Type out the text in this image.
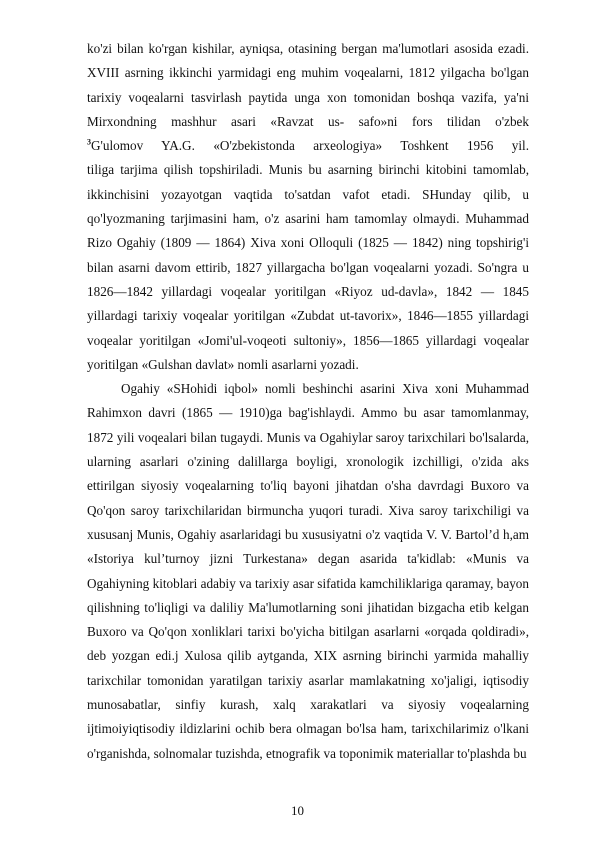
ko'zi bilan ko'rgan kishilar, ayniqsa, otasining bergan ma'lumotlari asosida ezadi. XVIII asrning ikkinchi yarmidagi eng muhim voqealarni, 1812 yilgacha bo'lgan tarixiy voqealarni tasvirlash paytida unga xon tomonidan boshqa vazifa, ya'ni Mirxondning mashhur asari «Ravzat us- safo»ni fors tilidan o'zbek
$^3$G'ulomov YA.G. «O'zbekistonda arxeologiya» Toshkent 1956 yil.

tiliga tarjima qilish topshiriladi. Munis bu asarning birinchi kitobini tamomlab, ikkinchisini yozayotgan vaqtida to'satdan vafot etadi. SHunday qilib, u qo'lyozmaning tarjimasini ham, o'z asarini ham tamomlay olmaydi. Muhammad Rizo Ogahiy (1809 — 1864) Xiva xoni Olloquli (1825 — 1842) ning topshirig'i bilan asarni davom ettirib, 1827 yillargacha bo'lgan voqealarni yozadi. So'ngra u 1826—1842 yillardagi voqealar yoritilgan «Riyoz ud-davla», 1842 — 1845 yillardagi tarixiy voqealar yoritilgan «Zubdat ut-tavorix», 1846—1855 yillardagi voqealar yoritilgan «Jomi'ul-voqeoti sultoniy», 1856—1865 yillardagi voqealar yoritilgan «Gulshan davlat» nomli asarlarni yozadi.

Ogahiy «SHohidi iqbol» nomli beshinchi asarini Xiva xoni Muhammad Rahimxon davri (1865 — 1910)ga bag'ishlaydi. Ammo bu asar tamomlanmay, 1872 yili voqealari bilan tugaydi. Munis va Ogahiylar saroy tarixchilari bo'lsalarda, ularning asarlari o'zining dalillarga boyligi, xronologik izchilligi, o'zida aks ettirilgan siyosiy voqealarning to'liq bayoni jihatdan o'sha davrdagi Buxoro va Qo'qon saroy tarixchilaridan birmuncha yuqori turadi. Xiva saroy tarixchiligi va xususanj Munis, Ogahiy asarlaridagi bu xususiyatni o'z vaqtida V. V. Bartol’d h,am «Istoriya kul’turnoy jizni Turkestana» degan asarida ta'kidlab: «Munis va Ogahiyning kitoblari adabiy va tarixiy asar sifatida kamchiliklariga qaramay, bayon qilishning to'liqligi va daliliy Ma'lumotlarning soni jihatidan bizgacha etib kelgan Buxoro va Qo'qon xonliklari tarixi bo'yicha bitilgan asarlarni «orqada qoldiradi», deb yozgan edi.j Xulosa qilib aytganda, XIX asrning birinchi yarmida mahalliy tarixchilar tomonidan yaratilgan tarixiy asarlar mamlakatning xo'jaligi, iqtisodiy munosabatlar, sinfiy kurash, xalq xarakatlari va siyosiy voqealarning ijtimoiyiqtisodiy ildizlarini ochib bera olmagan bo'lsa ham, tarixchilarimiz o'lkani o'rganishda, solnomalar tuzishda, etnografik va toponimik materiallar to'plashda bu

10
